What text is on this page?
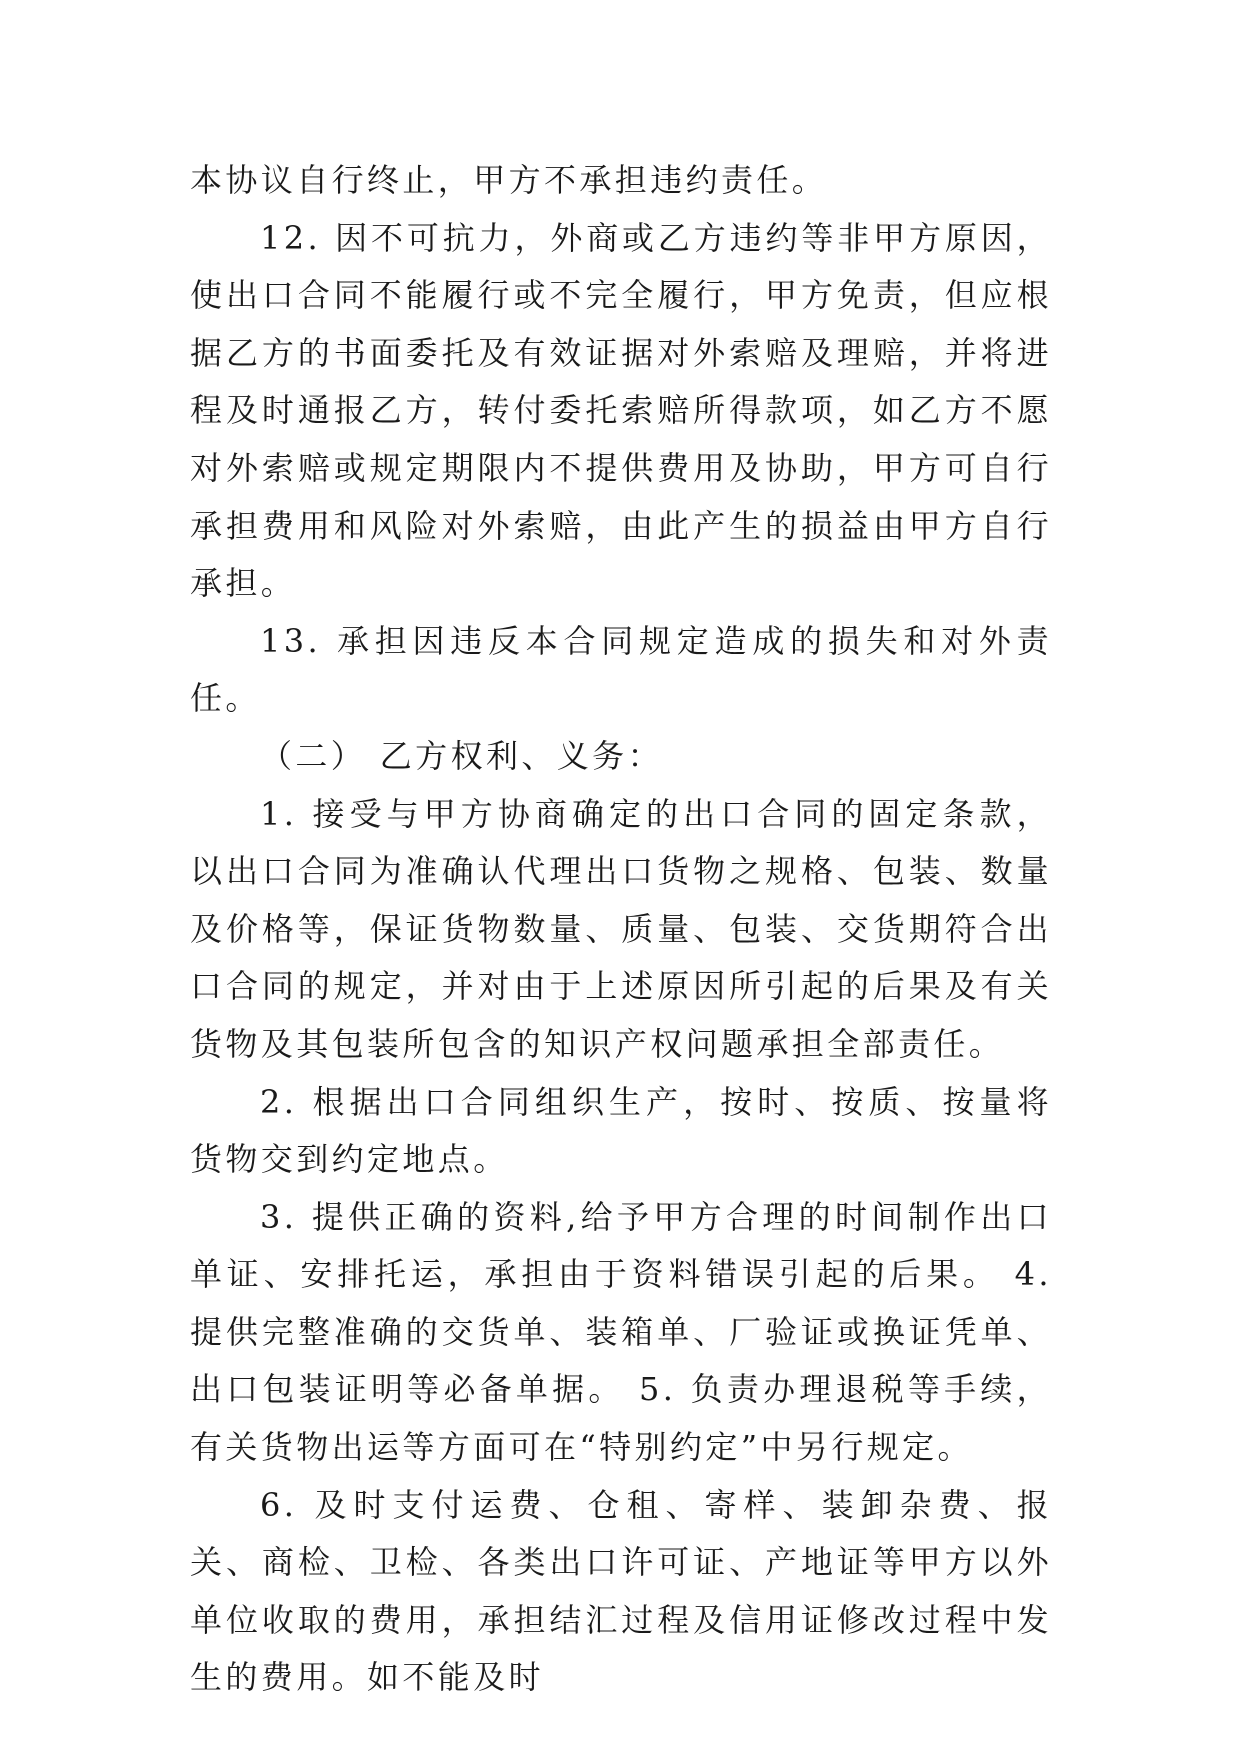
本协议自行终止，甲方不承担违约责任。

12. 因不可抗力，外商或乙方违约等非甲方原因，使出口合同不能履行或不完全履行，甲方免责，但应根据乙方的书面委托及有效证据对外索赔及理赔，并将进程及时通报乙方，转付委托索赔所得款项，如乙方不愿对外索赔或规定期限内不提供费用及协助，甲方可自行承担费用和风险对外索赔，由此产生的损益由甲方自行承担。

13. 承担因违反本合同规定造成的损失和对外责任。

（二） 乙方权利、义务：

1. 接受与甲方协商确定的出口合同的固定条款，以出口合同为准确认代理出口货物之规格、包装、数量及价格等，保证货物数量、质量、包装、交货期符合出口合同的规定，并对由于上述原因所引起的后果及有关货物及其包装所包含的知识产权问题承担全部责任。

2. 根据出口合同组织生产，按时、按质、按量将货物交到约定地点。

3. 提供正确的资料,给予甲方合理的时间制作出口单证、安排托运，承担由于资料错误引起的后果。 4. 提供完整准确的交货单、装箱单、厂验证或换证凭单、出口包装证明等必备单据。 5. 负责办理退税等手续，有关货物出运等方面可在“特别约定”中另行规定。

6. 及时支付运费、仓租、寄样、装卸杂费、报关、商检、卫检、各类出口许可证、产地证等甲方以外单位收取的费用，承担结汇过程及信用证修改过程中发生的费用。如不能及时
